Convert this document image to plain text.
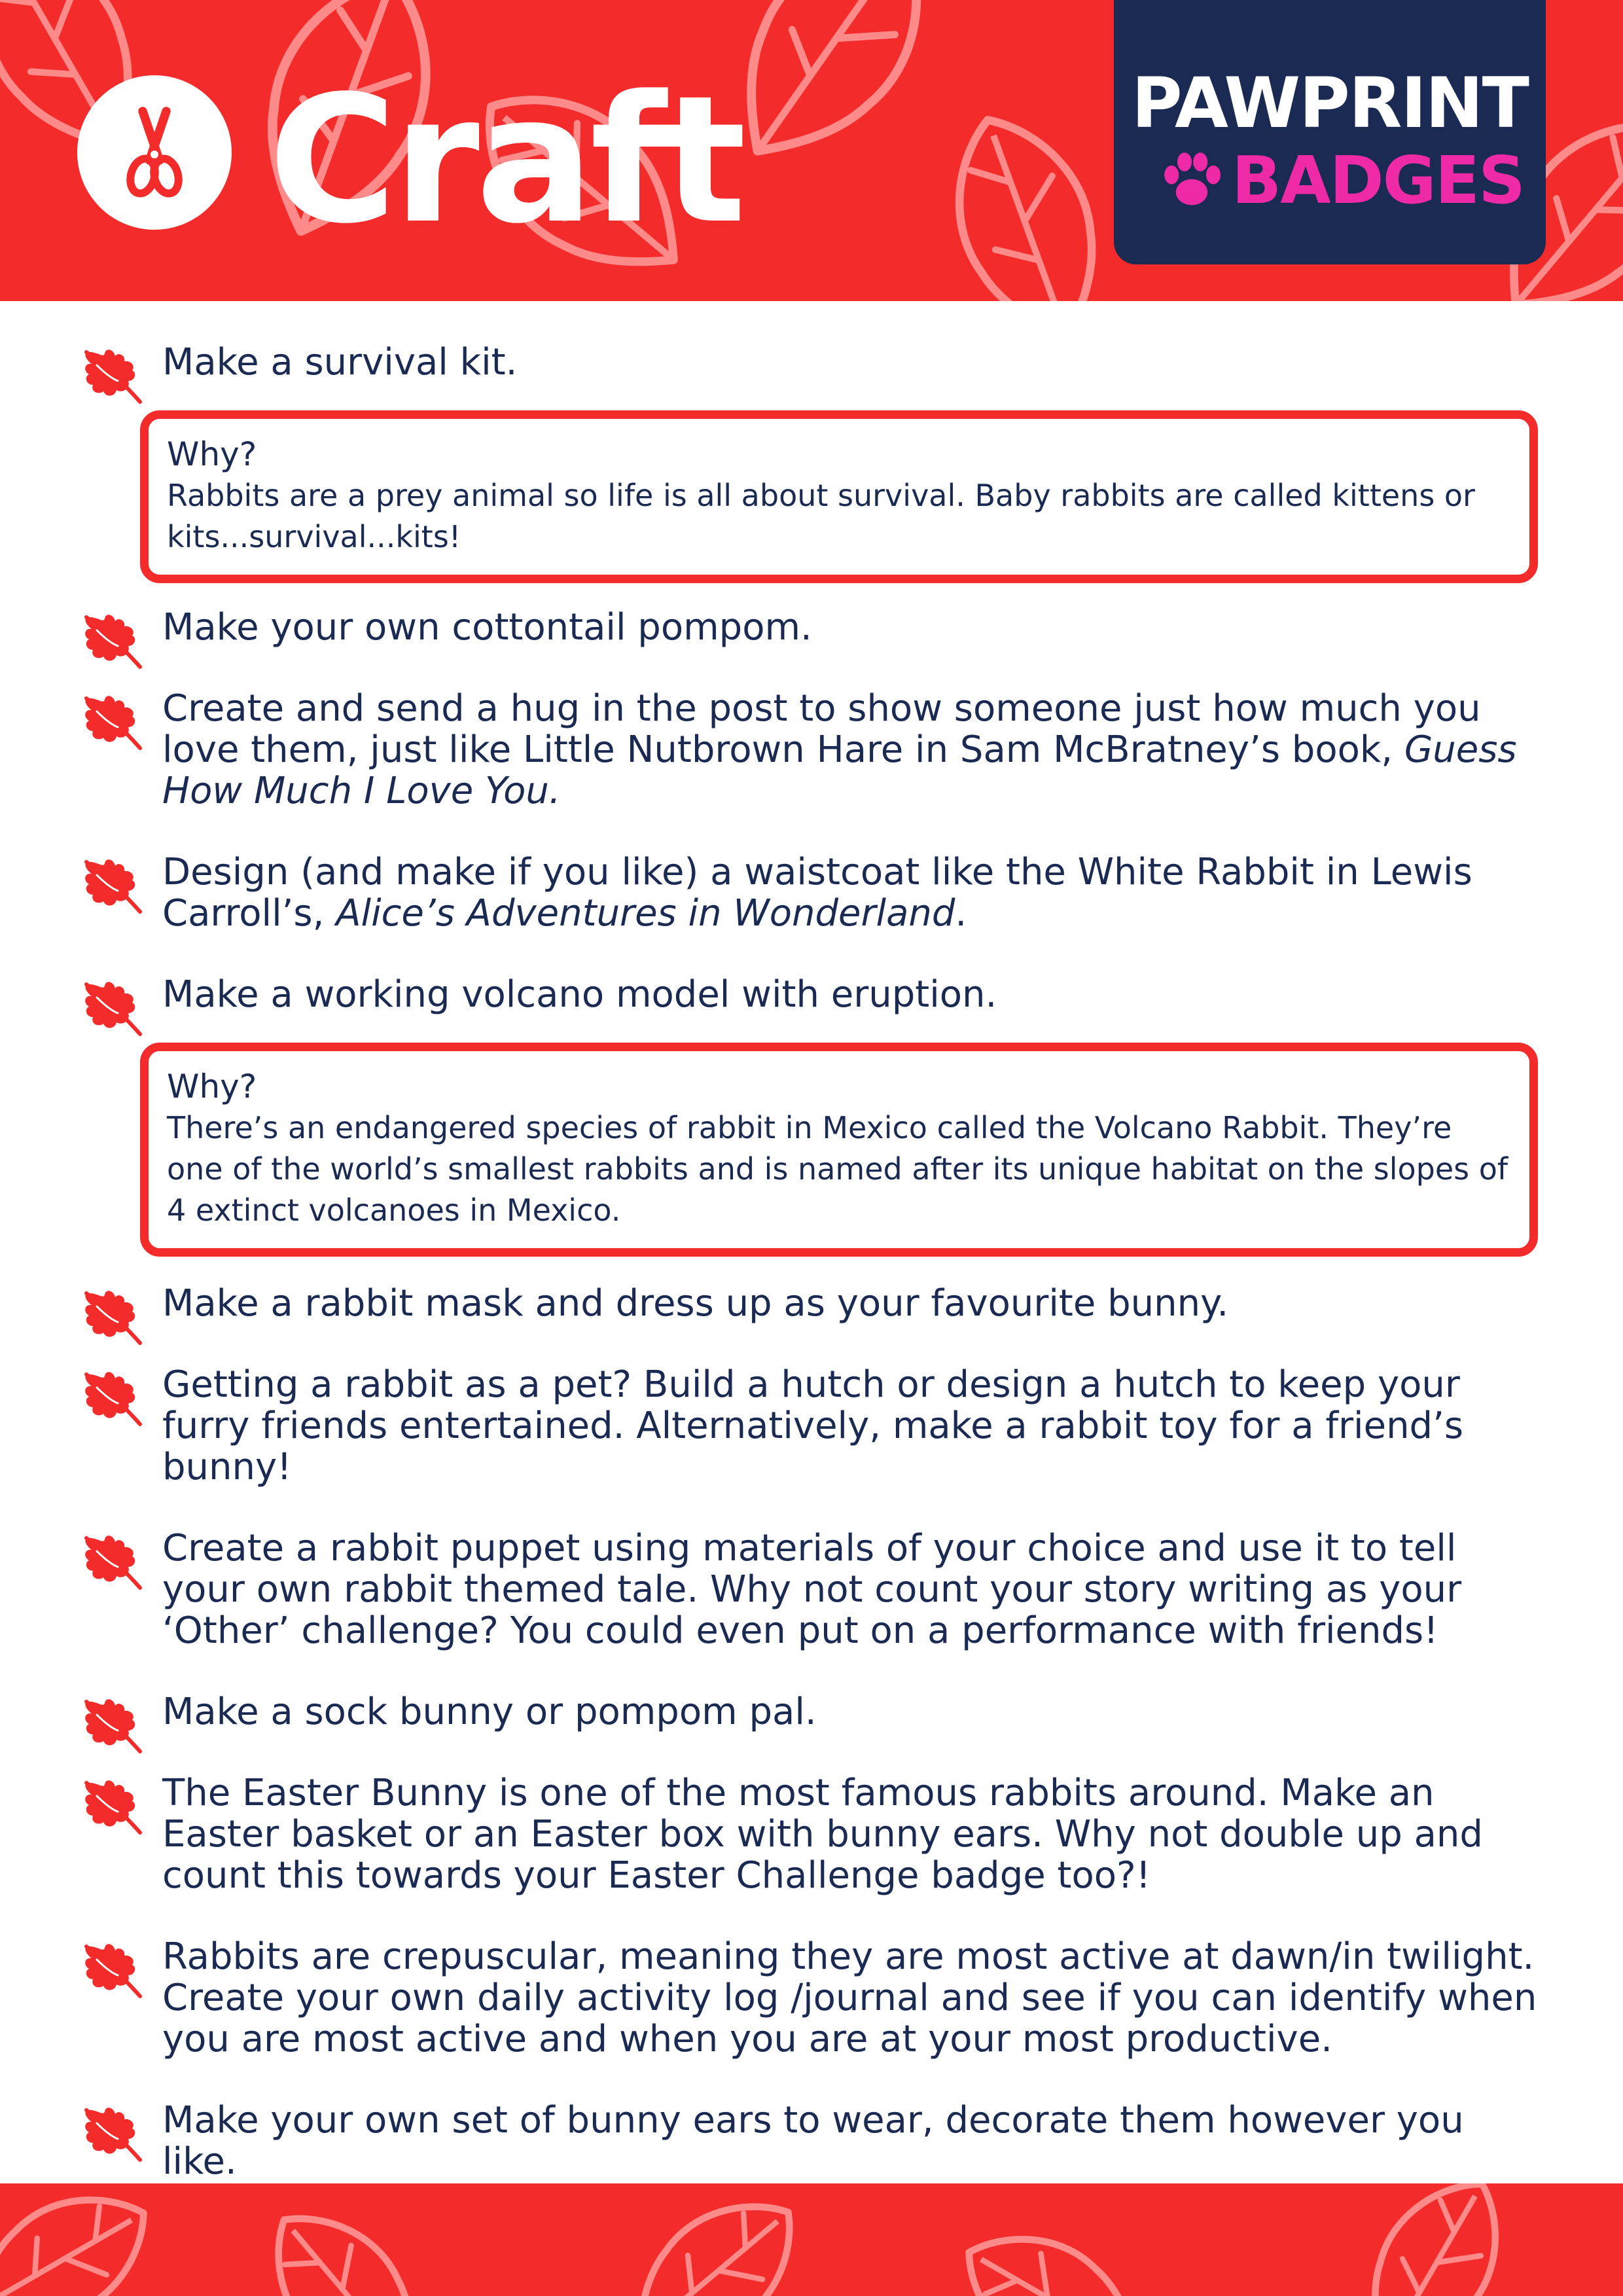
Craft	PAWPRINT
BADGES
Make a survival kit.
Why?
Rabbits are a prey animal so life is all about survival. Baby rabbits are called kittens or kits...survival...kits!
Make your own cottontail pompom.
Create and send a hug in the post to show someone just how much you love them, just like Little Nutbrown Hare in Sam McBratney’s book, Guess How Much I Love You.
Design (and make if you like) a waistcoat like the White Rabbit in Lewis Carroll’s, Alice’s Adventures in Wonderland.
Make a working volcano model with eruption.
Why?
There’s an endangered species of rabbit in Mexico called the Volcano Rabbit. They’re one of the world’s smallest rabbits and is named after its unique habitat on the slopes of 4 extinct volcanoes in Mexico.
Make a rabbit mask and dress up as your favourite bunny.
Getting a rabbit as a pet? Build a hutch or design a hutch to keep your furry friends entertained. Alternatively, make a rabbit toy for a friend’s bunny!
Create a rabbit puppet using materials of your choice and use it to tell your own rabbit themed tale. Why not count your story writing as your ‘Other’ challenge? You could even put on a performance with friends!
Make a sock bunny or pompom pal.
The Easter Bunny is one of the most famous rabbits around. Make an Easter basket or an Easter box with bunny ears. Why not double up and count this towards your Easter Challenge badge too?!
Rabbits are crepuscular, meaning they are most active at dawn/in twilight. Create your own daily activity log /journal and see if you can identify when you are most active and when you are at your most productive.
Make your own set of bunny ears to wear, decorate them however you like.
